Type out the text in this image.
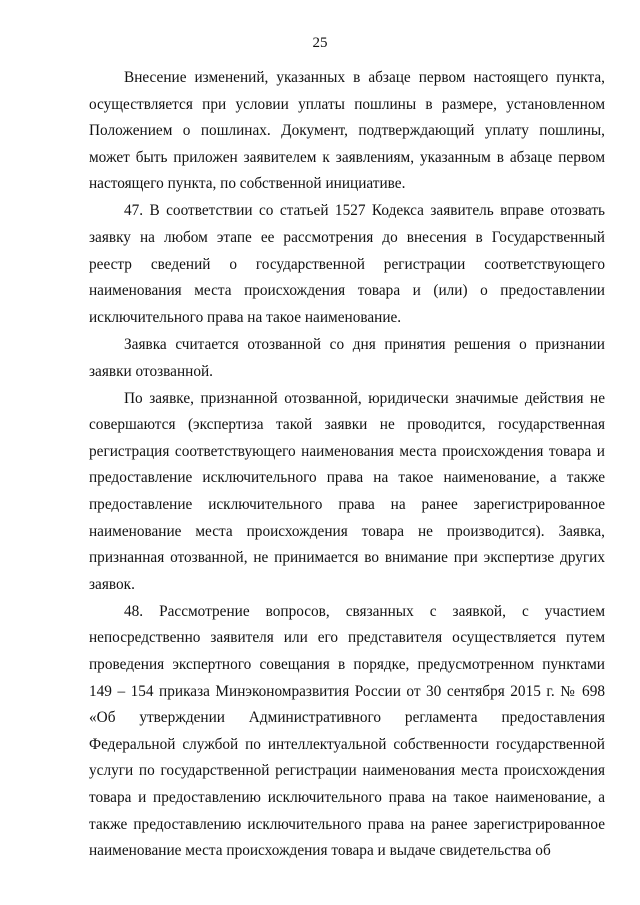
25

Внесение изменений, указанных в абзаце первом настоящего пункта, осуществляется при условии уплаты пошлины в размере, установленном Положением о пошлинах. Документ, подтверждающий уплату пошлины, может быть приложен заявителем к заявлениям, указанным в абзаце первом настоящего пункта, по собственной инициативе.

47. В соответствии со статьей 1527 Кодекса заявитель вправе отозвать заявку на любом этапе ее рассмотрения до внесения в Государственный реестр сведений о государственной регистрации соответствующего наименования места происхождения товара и (или) о предоставлении исключительного права на такое наименование.

Заявка считается отозванной со дня принятия решения о признании заявки отозванной.

По заявке, признанной отозванной, юридически значимые действия не совершаются (экспертиза такой заявки не проводится, государственная регистрация соответствующего наименования места происхождения товара и предоставление исключительного права на такое наименование, а также предоставление исключительного права на ранее зарегистрированное наименование места происхождения товара не производится). Заявка, признанная отозванной, не принимается во внимание при экспертизе других заявок.

48. Рассмотрение вопросов, связанных с заявкой, с участием непосредственно заявителя или его представителя осуществляется путем проведения экспертного совещания в порядке, предусмотренном пунктами 149 – 154 приказа Минэкономразвития России от 30 сентября 2015 г. № 698 «Об утверждении Административного регламента предоставления Федеральной службой по интеллектуальной собственности государственной услуги по государственной регистрации наименования места происхождения товара и предоставлению исключительного права на такое наименование, а также предоставлению исключительного права на ранее зарегистрированное наименование места происхождения товара и выдаче свидетельства об
